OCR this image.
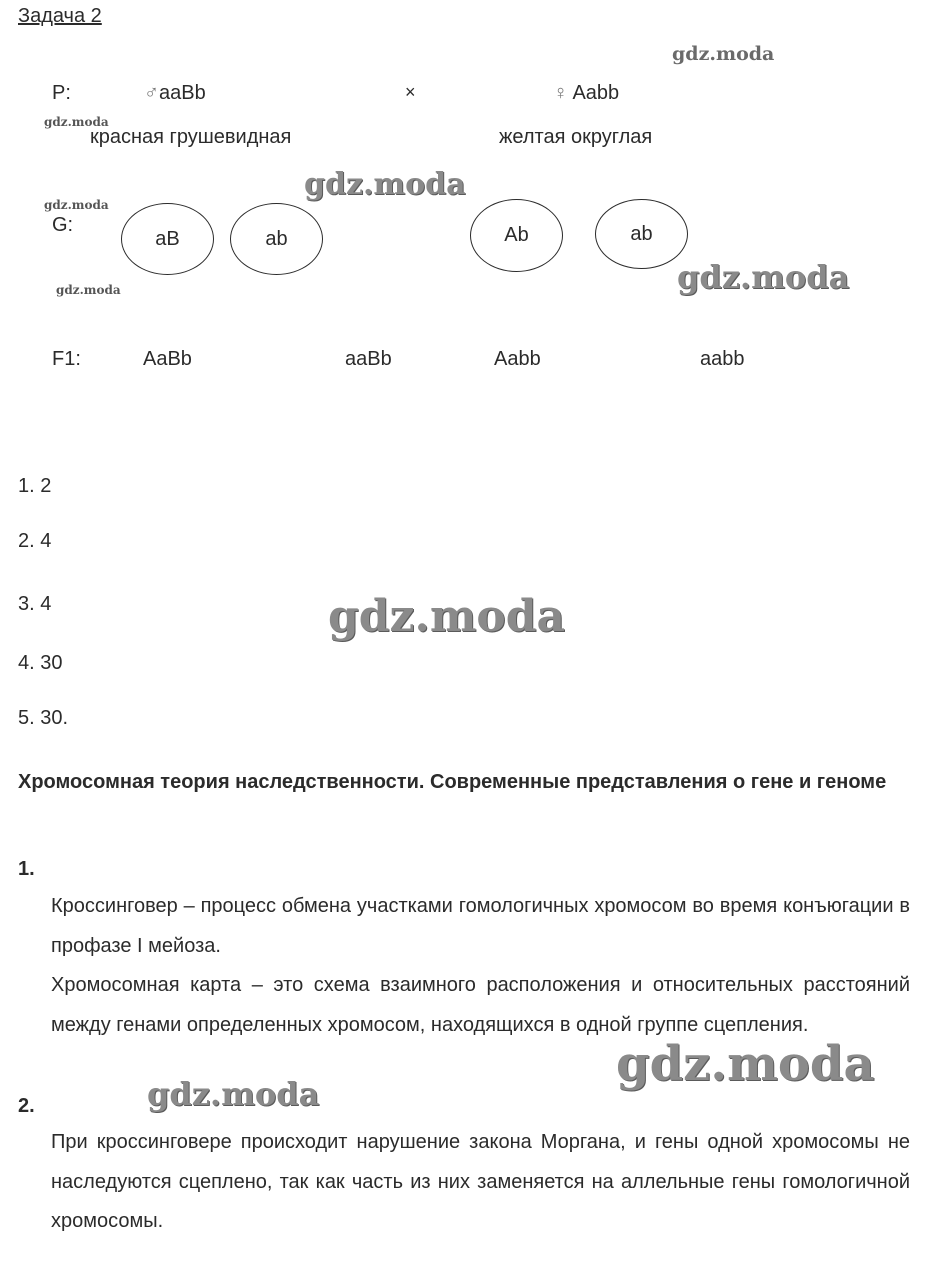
Задача 2
P:	♂aaBb	×	♀ Aabb
красная грушевидная	желтая округлая
G:
aB	ab	Ab	ab
F1:	AaBb	aaBb	Aabb	aabb
1. 2
2. 4
3. 4
4. 30
5. 30.
Хромосомная теория наследственности. Современные представления о гене и геноме
1.
Кроссинговер – процесс обмена участками гомологичных хромосом во время конъюгации в профазе I мейоза.
Хромосомная карта – это схема взаимного расположения и относительных расстояний между генами определенных хромосом, находящихся в одной группе сцепления.
2.
При кроссинговере происходит нарушение закона Моргана, и гены одной хромосомы не наследуются сцеплено, так как часть из них заменяется на аллельные гены гомологичной хромосомы.
gdz.moda
gdz.moda
gdz.moda
gdz.moda
gdz.moda
gdz.moda
gdz.moda
gdz.moda
gdz.moda
